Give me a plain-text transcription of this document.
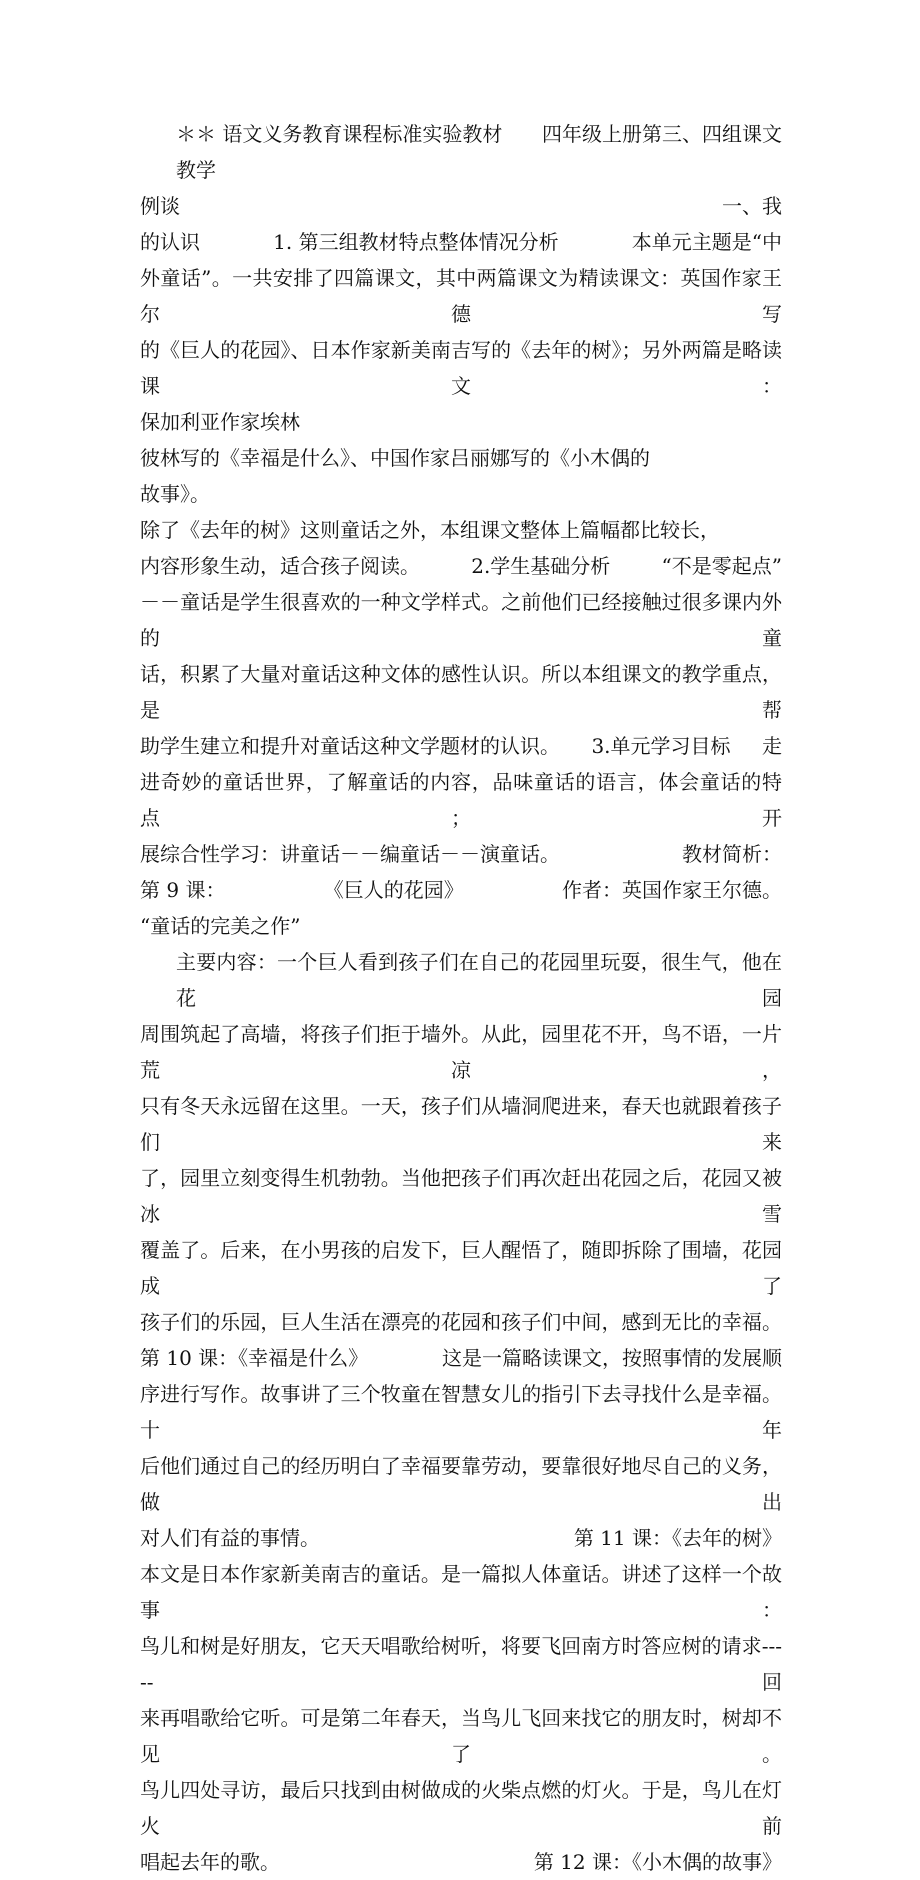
＊＊ 语文义务教育课程标准实验教材 四年级上册第三、四组课文
教学
例谈	一、我
的认识	1. 第三组教材特点整体情况分析	本单元主题是“中
外童话”。一共安排了四篇课文，其中两篇课文为精读课文：英国作家王尔德写
的《巨人的花园》、日本作家新美南吉写的《去年的树》；另外两篇是略读课文：
保加利亚作家埃林
彼林写的《幸福是什么》、中国作家吕丽娜写的《小木偶的
故事》。
除了《去年的树》这则童话之外，本组课文整体上篇幅都比较长，
内容形象生动，适合孩子阅读。	2.学生基础分析	“不是零起点”
－－童话是学生很喜欢的一种文学样式。之前他们已经接触过很多课内外的童
话，积累了大量对童话这种文体的感性认识。所以本组课文的教学重点，是帮
助学生建立和提升对童话这种文学题材的认识。 3.单元学习目标 走
进奇妙的童话世界，了解童话的内容，品味童话的语言，体会童话的特点；开
展综合性学习：讲童话－－编童话－－演童话。	教材简析：
第 9 课：	《巨人的花园》	作者：英国作家王尔德。
“童话的完美之作”
主要内容：一个巨人看到孩子们在自己的花园里玩耍，很生气，他在花园
周围筑起了高墙，将孩子们拒于墙外。从此，园里花不开，鸟不语，一片荒凉，
只有冬天永远留在这里。一天，孩子们从墙洞爬进来，春天也就跟着孩子们来
了，园里立刻变得生机勃勃。当他把孩子们再次赶出花园之后，花园又被冰雪
覆盖了。后来，在小男孩的启发下，巨人醒悟了，随即拆除了围墙，花园成了
孩子们的乐园，巨人生活在漂亮的花园和孩子们中间，感到无比的幸福。
第 10 课：《幸福是什么》	这是一篇略读课文，按照事情的发展顺
序进行写作。故事讲了三个牧童在智慧女儿的指引下去寻找什么是幸福。十年
后他们通过自己的经历明白了幸福要靠劳动，要靠很好地尽自己的义务，做出
对人们有益的事情。	第 11 课：《去年的树》
本文是日本作家新美南吉的童话。是一篇拟人体童话。讲述了这样一个故事：
鸟儿和树是好朋友，它天天唱歌给树听，将要飞回南方时答应树的请求-----回
来再唱歌给它听。可是第二年春天，当鸟儿飞回来找它的朋友时，树却不见了。
鸟儿四处寻访，最后只找到由树做成的火柴点燃的灯火。于是，鸟儿在灯火前
唱起去年的歌。	第 12 课：《小木偶的故事》
